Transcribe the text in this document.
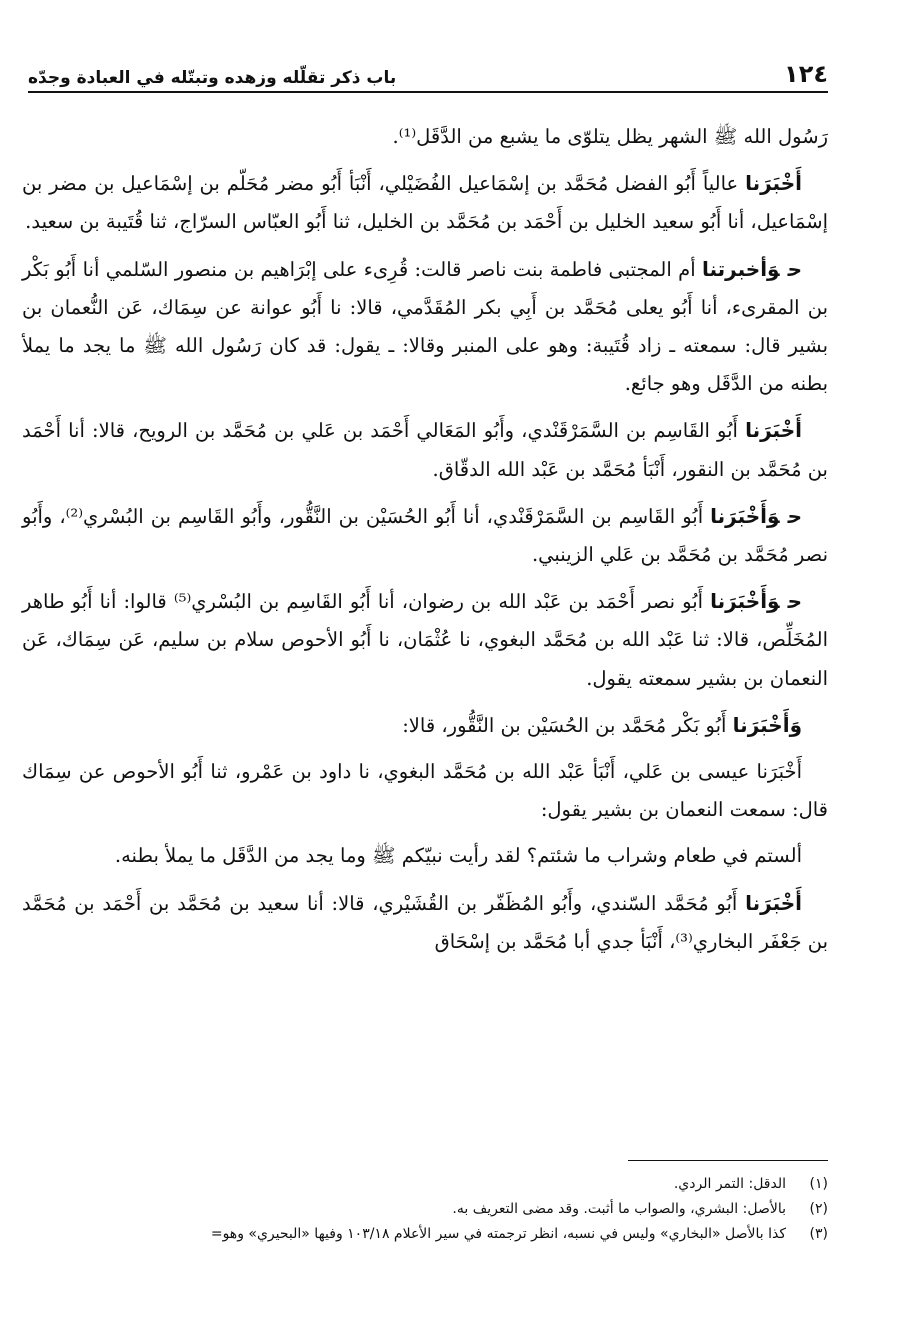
١٢٤
باب ذكر تقلّله وزهده وتبتّله في العبادة وجدّه

رَسُول الله ﷺ الشهر يظل يتلوّى ما يشبع من الدَّقَل⁽¹⁾.

أَخْبَرَنا عالياً أَبُو الفضل مُحَمَّد بن إسْمَاعيل الفُضَيْلي، أَنْبَأ أَبُو مضر مُحَلّم بن إسْمَاعيل بن مضر بن إسْمَاعيل، أنا أَبُو سعيد الخليل بن أَحْمَد بن مُحَمَّد بن الخليل، ثنا أَبُو العبّاس السرّاج، ثنا قُتَيبة بن سعيد.

حوَأخبرتنا أم المجتبى فاطمة بنت ناصر قالت: قُرِىء على إبْرَاهيم بن منصور السّلمي أنا أَبُو بَكْر بن المقرىء، أنا أَبُو يعلى مُحَمَّد بن أَبِي بكر المُقَدَّمي، قالا: نا أَبُو عوانة عن سِمَاك، عَن النُّعمان بن بشير قال: سمعته ـ زاد قُتَيبة: وهو على المنبر وقالا: ـ يقول: قد كان رَسُول الله ﷺ ما يجد ما يملأ بطنه من الدَّقَل وهو جائع.

أَخْبَرَنا أَبُو القَاسِم بن السَّمَرْقَنْدي، وأَبُو المَعَالي أَحْمَد بن عَلي بن مُحَمَّد بن الرويح، قالا: أنا أَحْمَد بن مُحَمَّد بن النقور، أَنْبَأ مُحَمَّد بن عَبْد الله الدقّاق.

حوَأَخْبَرَنا أَبُو القَاسِم بن السَّمَرْقَنْدي، أنا أَبُو الحُسَيْن بن النَّقُّور، وأَبُو القَاسِم بن البُسْري⁽²⁾، وأَبُو نصر مُحَمَّد بن مُحَمَّد بن عَلي الزينبي.

حوَأَخْبَرَنا أَبُو نصر أَحْمَد بن عَبْد الله بن رضوان، أنا أَبُو القَاسِم بن البُسْري⁽⁵⁾ قالوا: أنا أَبُو طاهر المُخَلِّص، قالا: ثنا عَبْد الله بن مُحَمَّد البغوي، نا عُثْمَان، نا أَبُو الأحوص سلام بن سليم، عَن سِمَاك، عَن النعمان بن بشير سمعته يقول.

وَأَخْبَرَنا أَبُو بَكْر مُحَمَّد بن الحُسَيْن بن النَّقُّور، قالا:

أَخْبَرَنا عيسى بن عَلي، أَنْبَأ عَبْد الله بن مُحَمَّد البغوي، نا داود بن عَمْرو، ثنا أَبُو الأحوص عن سِمَاك قال: سمعت النعمان بن بشير يقول:

ألستم في طعام وشراب ما شئتم؟ لقد رأيت نبيّكم ﷺ وما يجد من الدَّقَل ما يملأ بطنه.

أَخْبَرَنا أَبُو مُحَمَّد السّندي، وأَبُو المُظَفّر بن القُشَيْري، قالا: أنا سعيد بن مُحَمَّد بن أَحْمَد بن مُحَمَّد بن جَعْفَر البخاري⁽³⁾، أَنْبَأ جدي أبا مُحَمَّد بن إسْحَاق

(١)الدقل: التمر الردي.

(٢)بالأصل: البشري، والصواب ما أثبت. وقد مضى التعريف به.

(٣)كذا بالأصل «البخاري» وليس في نسبه، انظر ترجمته في سير الأعلام ١٠٣/١٨ وفيها «البحيري» وهو=
